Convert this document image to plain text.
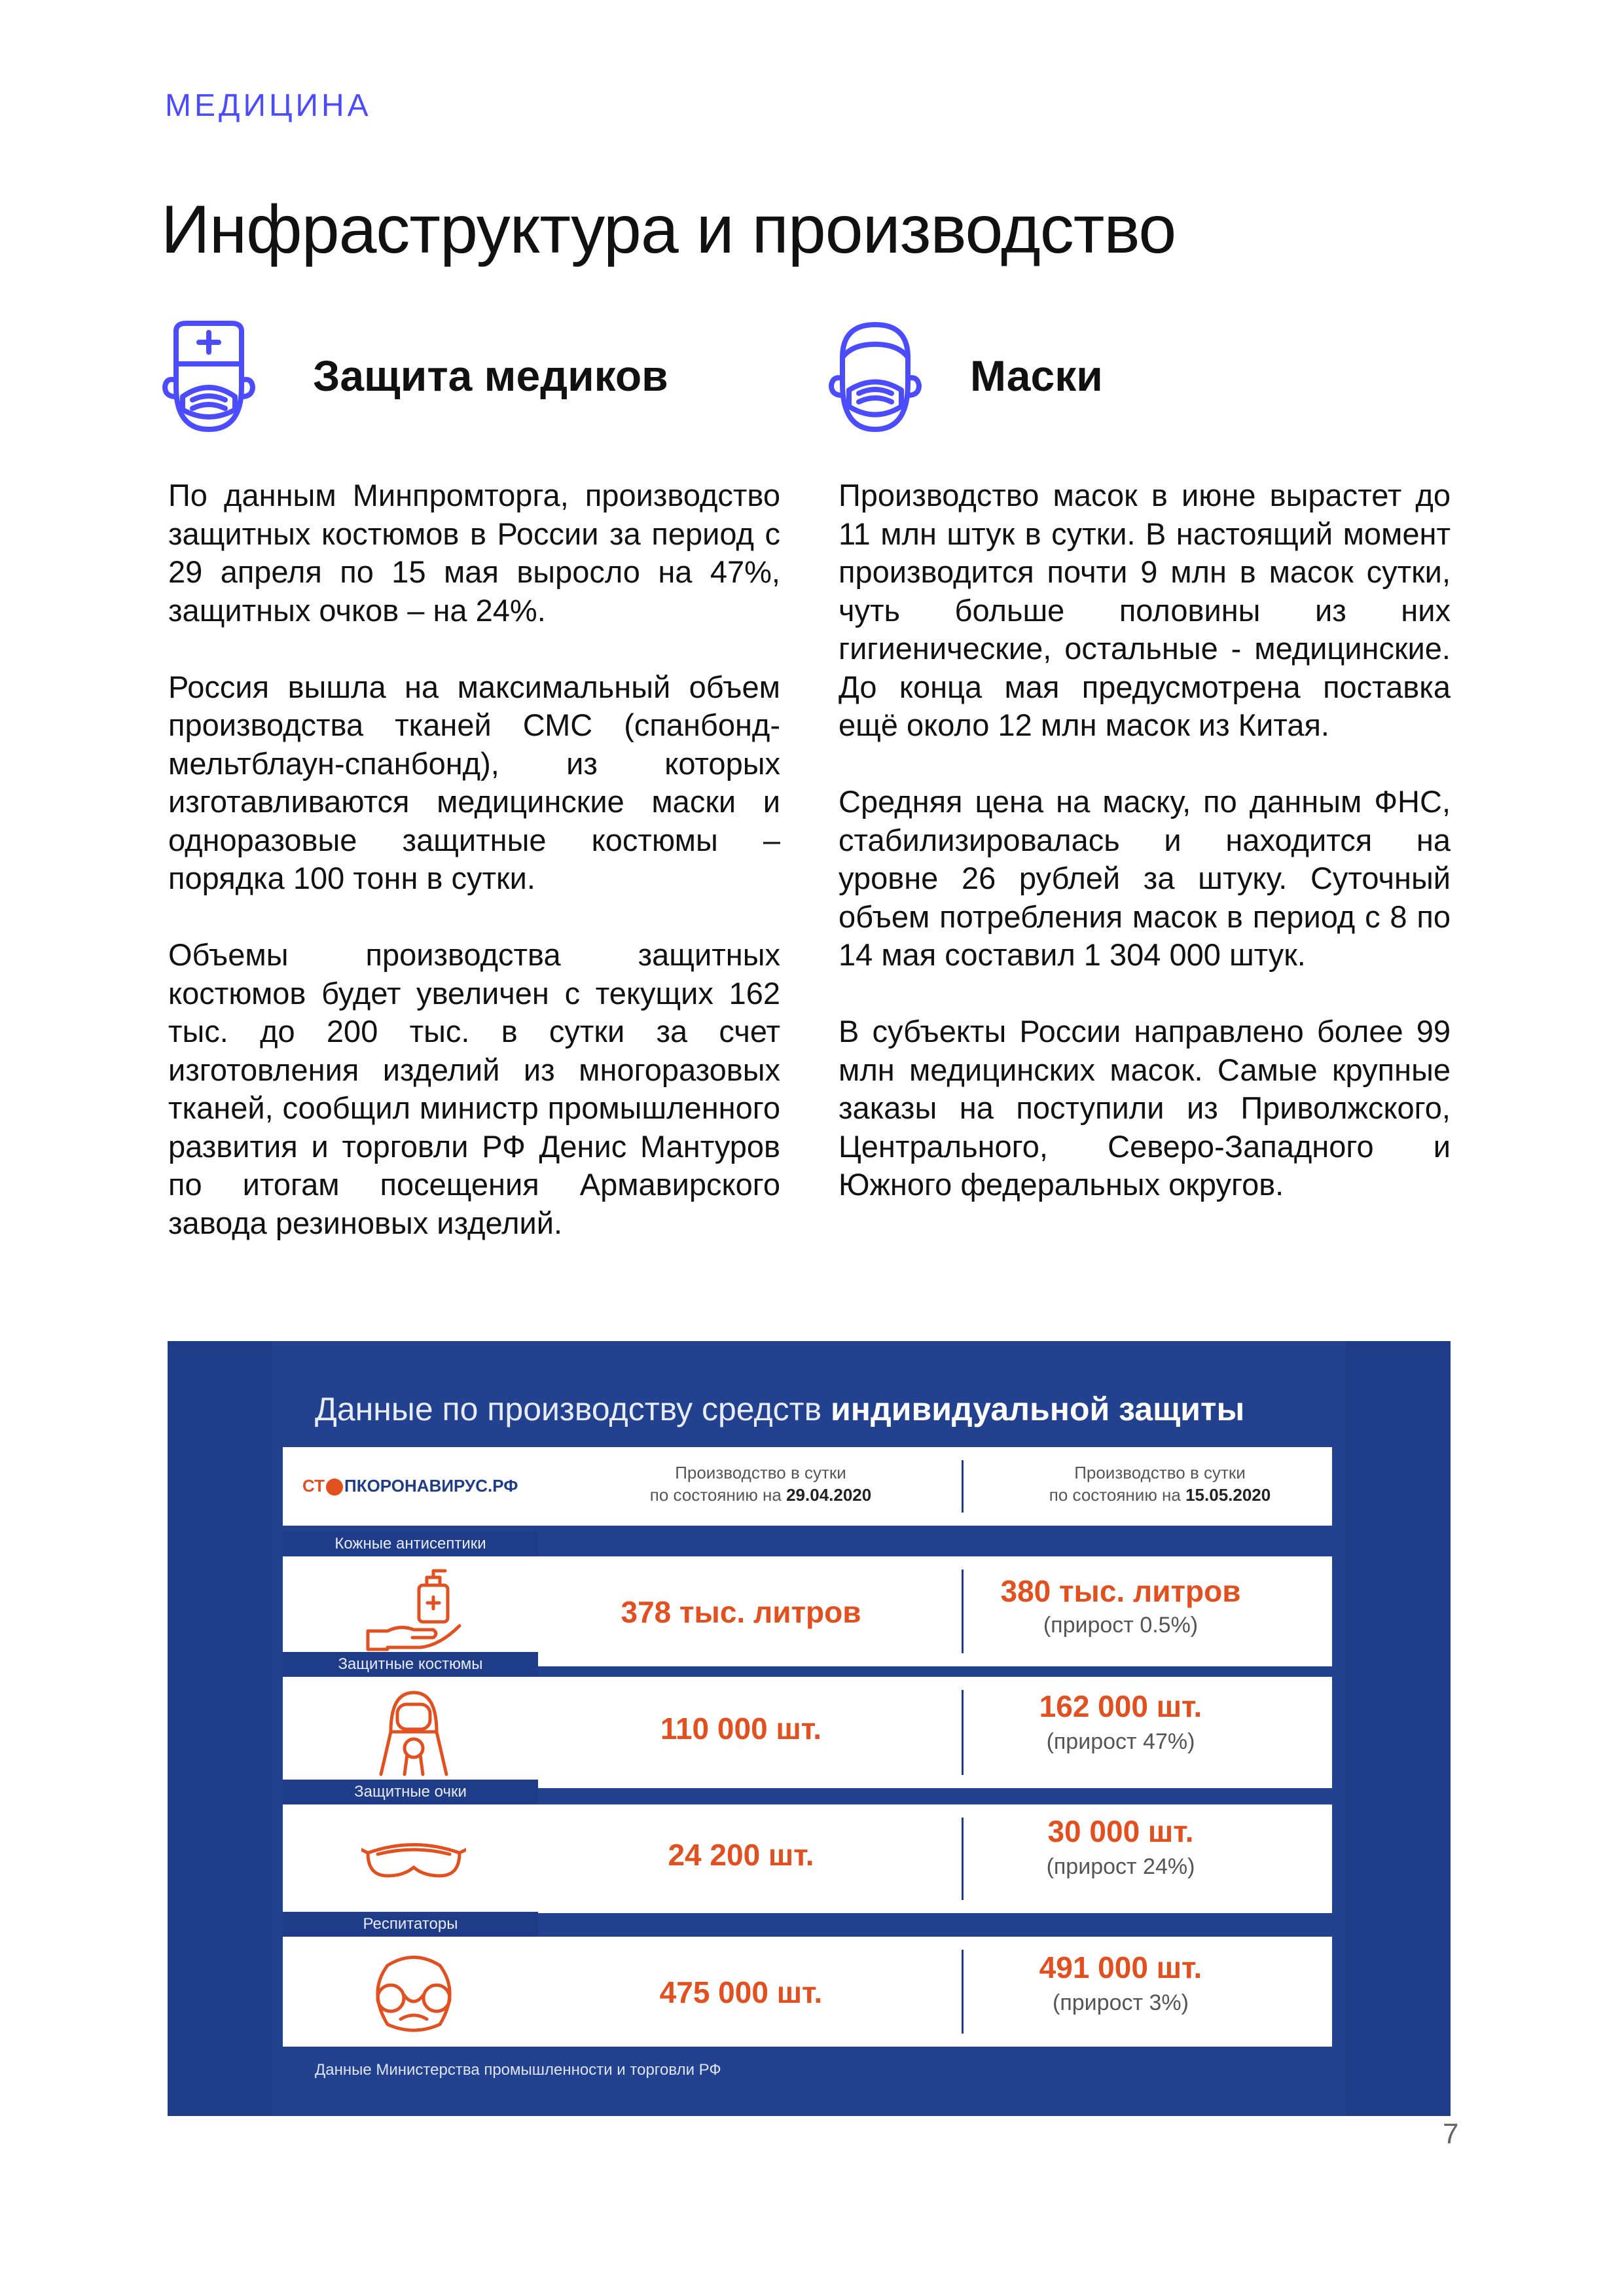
МЕДИЦИНА
Инфраструктура и производство
Защита медиков

По данным Минпромторга, производство защитных костюмов в России за период с 29 апреля по 15 мая выросло на 47%, защитных очков – на 24%.

Россия вышла на максимальный объем производства тканей СМС (спанбонд-мельтблаун-спанбонд), из которых изготавливаются медицинские маски и одноразовые защитные костюмы – порядка 100 тонн в сутки.

Объемы производства защитных костюмов будет увеличен с текущих 162 тыс. до 200 тыс. в сутки за счет изготовления изделий из многоразовых тканей, сообщил министр промышленного развития и торговли РФ Денис Мантуров по итогам посещения Армавирского завода резиновых изделий.

Маски

Производство масок в июне вырастет до 11 млн штук в сутки. В настоящий момент производится почти 9 млн в масок сутки, чуть больше половины из них гигиенические, остальные - медицинские. До конца мая предусмотрена поставка ещё около 12 млн масок из Китая.

Средняя цена на маску, по данным ФНС, стабилизировалась и находится на уровне 26 рублей за штуку. Суточный объем потребления масок в период с 8 по 14 мая составил 1 304 000 штук.

В субъекты России направлено более 99 млн медицинских масок. Самые крупные заказы на поступили из Приволжского, Центрального, Северо-Западного и Южного федеральных округов.

Данные по производству средств индивидуальной защиты
СТ ПКОРОНАВИРУС.РФ
Производство в сутки
по состоянию на 29.04.2020
Производство в сутки
по состоянию на 15.05.2020
Кожные антисептики
378 тыс. литров
380 тыс. литров
(прирост 0.5%)
Защитные костюмы
110 000 шт.
162 000 шт.
(прирост 47%)
Защитные очки
24 200 шт.
30 000 шт.
(прирост 24%)
Респитаторы
475 000 шт.
491 000 шт.
(прирост 3%)
Данные Министерства промышленности и торговли РФ
7
